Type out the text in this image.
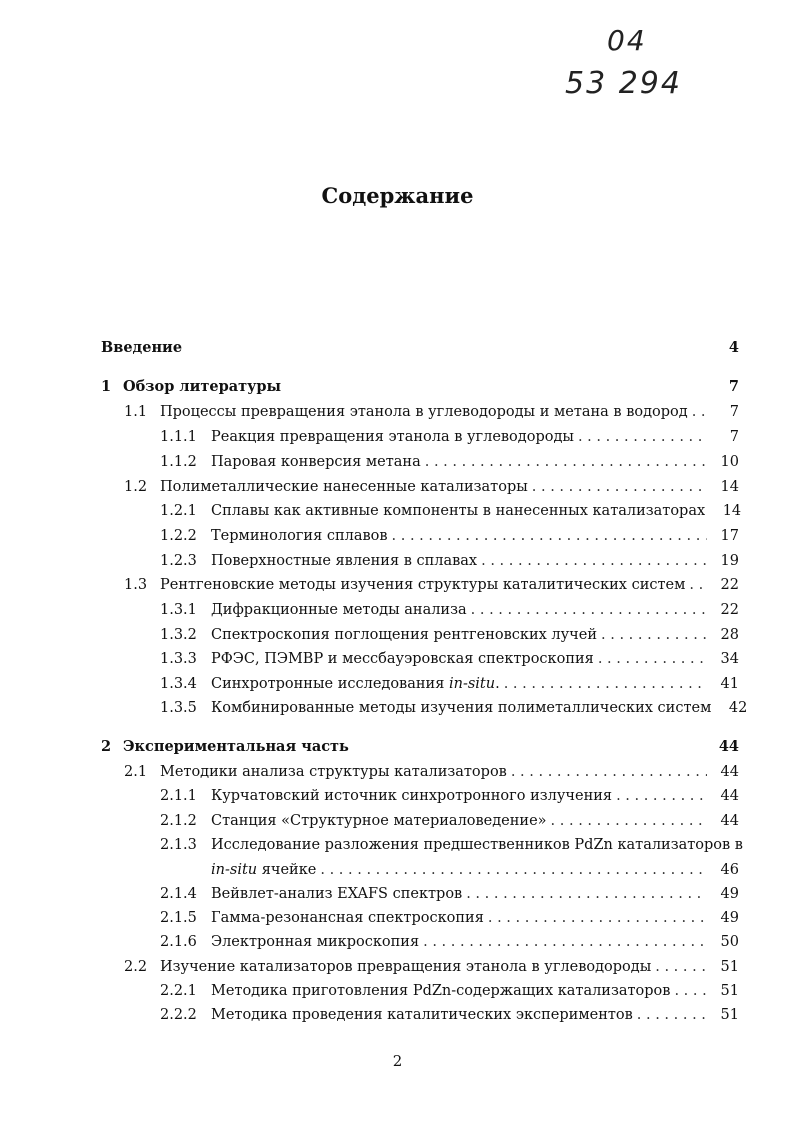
04
53 294
Содержание
Введение	4
1 Обзор литературы	7
1.1 Процессы превращения этанола в углеводороды и метана в водород . . .	7
1.1.1 Реакция превращения этанола в углеводороды . . .	7
1.1.2 Паровая конверсия метана . . .	10
1.2 Полиметаллические нанесенные катализаторы . . .	14
1.2.1 Сплавы как активные компоненты в нанесенных катализаторах	14
1.2.2 Терминология сплавов . . .	17
1.2.3 Поверхностные явления в сплавах . . .	19
1.3 Рентгеновские методы изучения структуры каталитических систем . . .	22
1.3.1 Дифракционные методы анализа . . .	22
1.3.2 Спектроскопия поглощения рентгеновских лучей . . .	28
1.3.3 РФЭС, ПЭМВР и мессбауэровская спектроскопия . . .	34
1.3.4 Синхротронные исследования in-situ. . . .	41
1.3.5 Комбинированные методы изучения полиметаллических систем	42
2 Экспериментальная часть	44
2.1 Методики анализа структуры катализаторов . . .	44
2.1.1 Курчатовский источник синхротронного излучения . . .	44
2.1.2 Станция «Структурное материаловедение» . . .	44
2.1.3 Исследование разложения предшественников PdZn катализаторов в
in-situ ячейке . . .	46
2.1.4 Вейвлет-анализ EXAFS спектров . . .	49
2.1.5 Гамма-резонансная спектроскопия . . .	49
2.1.6 Электронная микроскопия . . .	50
2.2 Изучение катализаторов превращения этанола в углеводороды . . .	51
2.2.1 Методика приготовления PdZn-содержащих катализаторов . . .	51
2.2.2 Методика проведения каталитических экспериментов . . .	51
2
